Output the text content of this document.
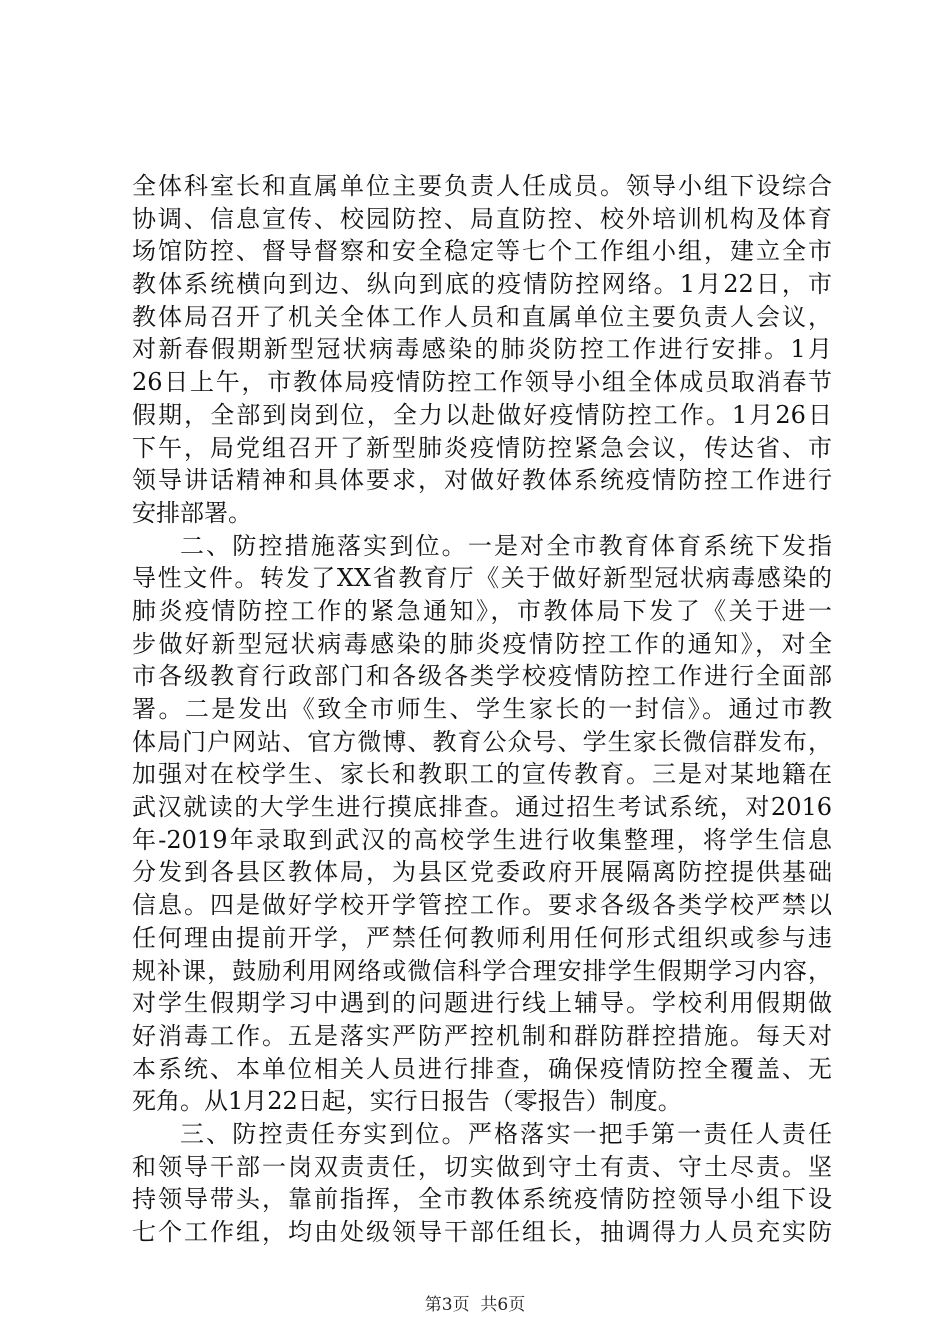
全体科室长和直属单位主要负责人任成员。领导小组下设综合
协调、信息宣传、校园防控、局直防控、校外培训机构及体育
场馆防控、督导督察和安全稳定等七个工作组小组，建立全市
教体系统横向到边、纵向到底的疫情防控网络。1月22日，市
教体局召开了机关全体工作人员和直属单位主要负责人会议，
对新春假期新型冠状病毒感染的肺炎防控工作进行安排。1月
26日上午，市教体局疫情防控工作领导小组全体成员取消春节
假期，全部到岗到位，全力以赴做好疫情防控工作。1月26日
下午，局党组召开了新型肺炎疫情防控紧急会议，传达省、市
领导讲话精神和具体要求，对做好教体系统疫情防控工作进行
安排部署。
二、防控措施落实到位。一是对全市教育体育系统下发指
导性文件。转发了XX省教育厅《关于做好新型冠状病毒感染的
肺炎疫情防控工作的紧急通知》，市教体局下发了《关于进一
步做好新型冠状病毒感染的肺炎疫情防控工作的通知》，对全
市各级教育行政部门和各级各类学校疫情防控工作进行全面部
署。二是发出《致全市师生、学生家长的一封信》。通过市教
体局门户网站、官方微博、教育公众号、学生家长微信群发布，
加强对在校学生、家长和教职工的宣传教育。三是对某地籍在
武汉就读的大学生进行摸底排查。通过招生考试系统，对2016
年-2019年录取到武汉的高校学生进行收集整理，将学生信息
分发到各县区教体局，为县区党委政府开展隔离防控提供基础
信息。四是做好学校开学管控工作。要求各级各类学校严禁以
任何理由提前开学，严禁任何教师利用任何形式组织或参与违
规补课，鼓励利用网络或微信科学合理安排学生假期学习内容，
对学生假期学习中遇到的问题进行线上辅导。学校利用假期做
好消毒工作。五是落实严防严控机制和群防群控措施。每天对
本系统、本单位相关人员进行排查，确保疫情防控全覆盖、无
死角。从1月22日起，实行日报告（零报告）制度。
三、防控责任夯实到位。严格落实一把手第一责任人责任
和领导干部一岗双责责任，切实做到守土有责、守土尽责。坚
持领导带头，靠前指挥，全市教体系统疫情防控领导小组下设
七个工作组，均由处级领导干部任组长，抽调得力人员充实防
第3页  共6页
